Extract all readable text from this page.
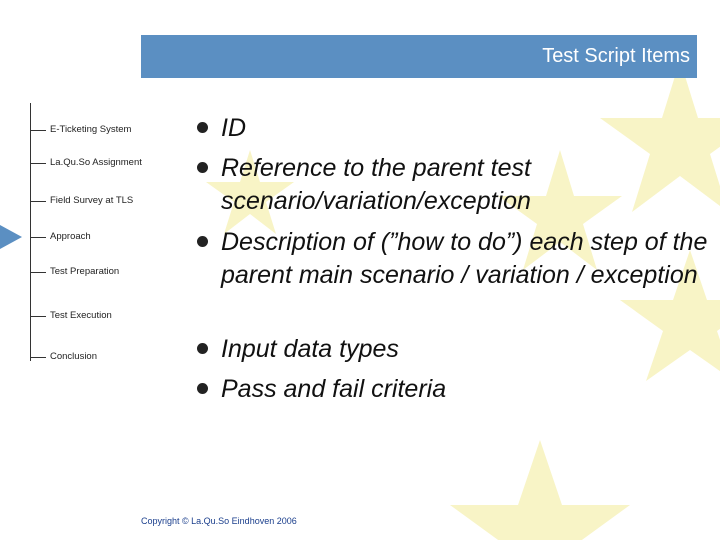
Test Script Items
E-Ticketing System
La.Qu.So Assignment
Field Survey at TLS
Approach
Test Preparation
Test Execution
Conclusion
ID
Reference to the parent test scenario/variation/exception
Description of (”how to do”) each step of the parent main scenario / variation / exception
Input data types
Pass and fail criteria
Copyright © La.Qu.So Eindhoven 2006
